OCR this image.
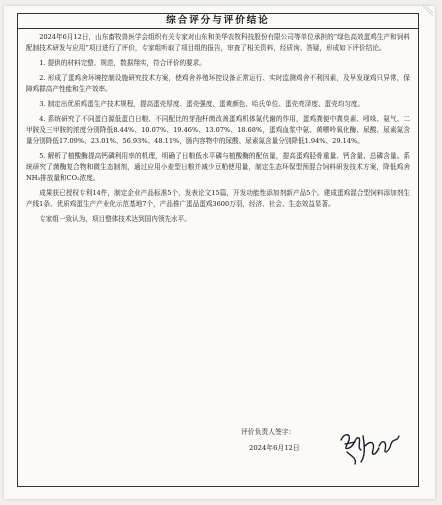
综合评分与评价结论

2024年6月12日，山东畜牧兽医学会组织有关专家对山东和美华农牧科技股份有限公司等单位承担的“绿色高效蛋鸡生产和饲料配制技术研发与应用”项目进行了评价，专家组听取了项目组的报告，审查了相关资料，经质询、答疑，形成如下评价结论。

1. 提供的材料完整、规范，数据翔实，符合评价的要求。

2. 形成了蛋鸡舍环境控制设施研究技术方案，使鸡舍养殖环控设备正常运行、实时监测鸡舍不利因素，及早发现鸡只异常，保障鸡群高产性能和生产效率。

3. 制定出优质鸡蛋生产技术规程，提高蛋壳厚度、蛋壳强度、蛋黄颜色、哈氏单位、蛋壳亮泽度、蛋壳均匀度。

4. 系统研究了不同蛋白源低蛋白日粮、不同配比的芽孢杆菌改善蛋鸡机体氮代谢的作用，蛋鸡粪便中粪臭素、吲哚、氨气、二甲胺及三甲胺的浓度分别降低8.44%、10.07%、19.46%、13.07%、18.68%，蛋鸡血浆中氨、黄嘌呤氧化酶、尿酸、尿素氮含量分别降低17.09%、23.01%、56.93%、48.11%，肠内容物中的尿酸、尿素氮含量分别降低1.94%、29.14%。

5. 解析了植酸酶提高钙磷利用率的机理，明确了日粮低水平磷与植酸酶的配伍量，提高蛋鸡胫骨重量、钙含量、总磷含量。系统研究了菌酶复合物和微生态制剂，通过应用小麦型日粮并减少豆粕使用量，制定生态环保型预混合饲料研发技术方案，降低鸡舍NH₃排放量和CO₂浓度。

成果获已授权专利14件，制定企业产品标准5个，发表论文15篇，开发功能性添加剂新产品5个。建成蛋鸡混合型饲料添加剂生产线1条、优质鸡蛋生产产业化示范基地7个，产品推广蛋品蛋鸡3600万羽，经济、社会、生态效益显著。

专家组一致认为，项目整体技术达到国内领先水平。

评价负责人签字：
2024年6月12日
